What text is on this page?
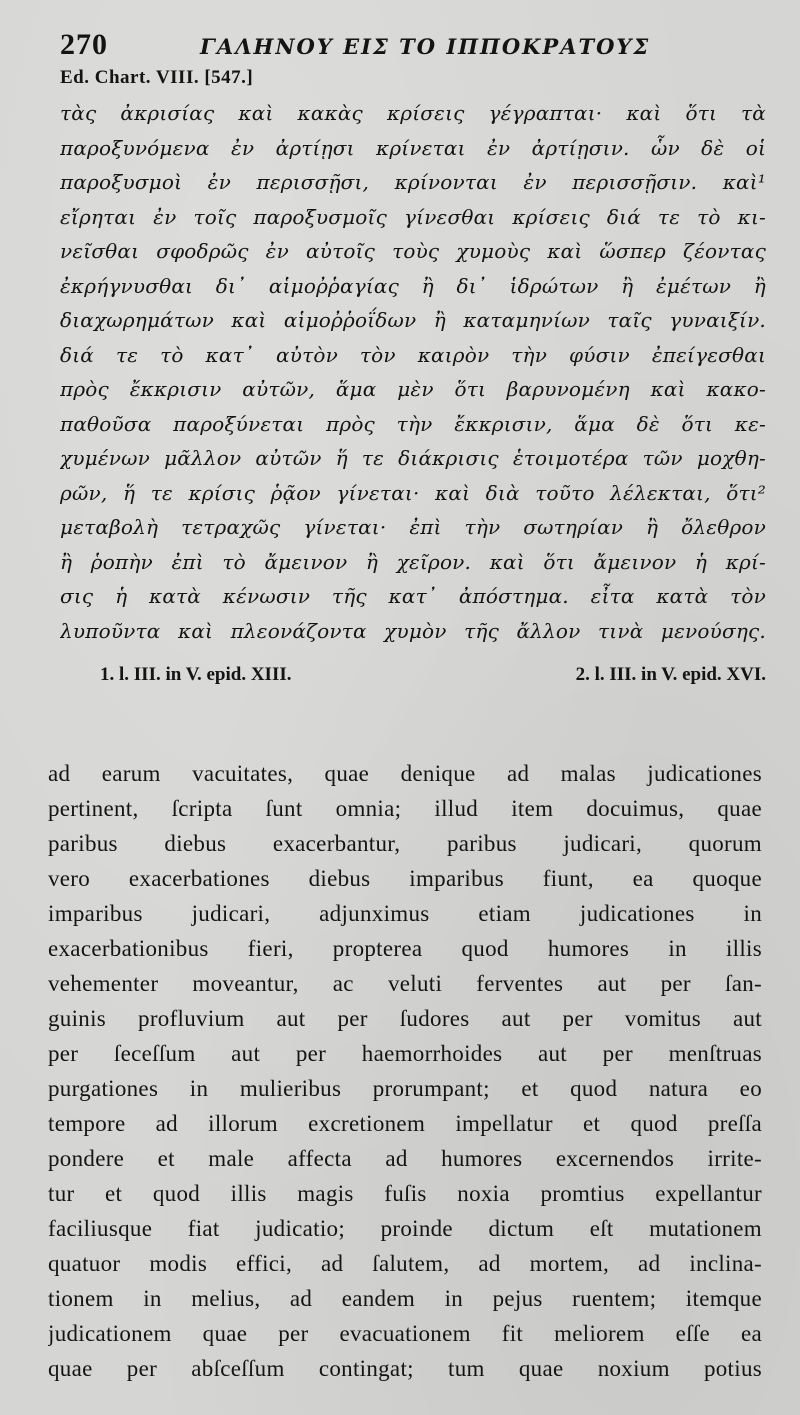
270	ΓΑΛΗΝΟΥ ΕΙΣ ΤΟ ΙΠΠΟΚΡΑΤΟΥΣ
Ed. Chart. VIII. [547.]
τὰς ἀκρισίας καὶ κακὰς κρίσεις γέγραπται· καὶ ὅτι τὰ
παροξυνόμενα ἐν ἀρτίῃσι κρίνεται ἐν ἀρτίῃσιν. ὧν δὲ οἱ
παροξυσμοὶ ἐν περισσῇσι, κρίνονται ἐν περισσῇσιν. καὶ¹
εἴρηται ἐν τοῖς παροξυσμοῖς γίνεσθαι κρίσεις διά τε τὸ κι-
νεῖσθαι σφοδρῶς ἐν αὐτοῖς τοὺς χυμοὺς καὶ ὥσπερ ζέοντας
ἐκρήγνυσθαι δι᾽ αἱμοῤῥαγίας ἢ δι᾽ ἱδρώτων ἢ ἐμέτων ἢ
διαχωρημάτων καὶ αἱμοῤῥοΐδων ἢ καταμηνίων ταῖς γυναιξίν.
διά τε τὸ κατ᾽ αὐτὸν τὸν καιρὸν τὴν φύσιν ἐπείγεσθαι
πρὸς ἔκκρισιν αὐτῶν, ἅμα μὲν ὅτι βαρυνομένη καὶ κακο-
παθοῦσα παροξύνεται πρὸς τὴν ἔκκρισιν, ἅμα δὲ ὅτι κε-
χυμένων μᾶλλον αὐτῶν ἥ τε διάκρισις ἑτοιμοτέρα τῶν μοχθη-
ρῶν, ἥ τε κρίσις ῥᾷον γίνεται· καὶ διὰ τοῦτο λέλεκται, ὅτι²
μεταβολὴ τετραχῶς γίνεται· ἐπὶ τὴν σωτηρίαν ἢ ὄλεθρον
ἢ ῥοπὴν ἐπὶ τὸ ἄμεινον ἢ χεῖρον. καὶ ὅτι ἄμεινον ἡ κρί-
σις ἡ κατὰ κένωσιν τῆς κατ᾽ ἀπόστημα. εἶτα κατὰ τὸν
λυποῦντα καὶ πλεονάζοντα χυμὸν τῆς ἄλλον τινὰ μενούσης.
1. l. III. in V. epid. XIII.	2. l. III. in V. epid. XVI.
ad earum vacuitates, quae denique ad malas judicationes
pertinent, ſcripta ſunt omnia; illud item docuimus, quae
paribus diebus exacerbantur, paribus judicari, quorum
vero exacerbationes diebus imparibus fiunt, ea quoque
imparibus judicari, adjunximus etiam judicationes in
exacerbationibus fieri, propterea quod humores in illis
vehementer moveantur, ac veluti ferventes aut per ſan-
guinis profluvium aut per ſudores aut per vomitus aut
per ſeceſſum aut per haemorrhoides aut per menſtruas
purgationes in mulieribus prorumpant; et quod natura eo
tempore ad illorum excretionem impellatur et quod preſſa
pondere et male affecta ad humores excernendos irrite-
tur et quod illis magis fuſis noxia promtius expellantur
faciliusque fiat judicatio; proinde dictum eſt mutationem
quatuor modis effici, ad ſalutem, ad mortem, ad inclina-
tionem in melius, ad eandem in pejus ruentem; itemque
judicationem quae per evacuationem fit meliorem eſſe ea
quae per abſceſſum contingat; tum quae noxium potius
